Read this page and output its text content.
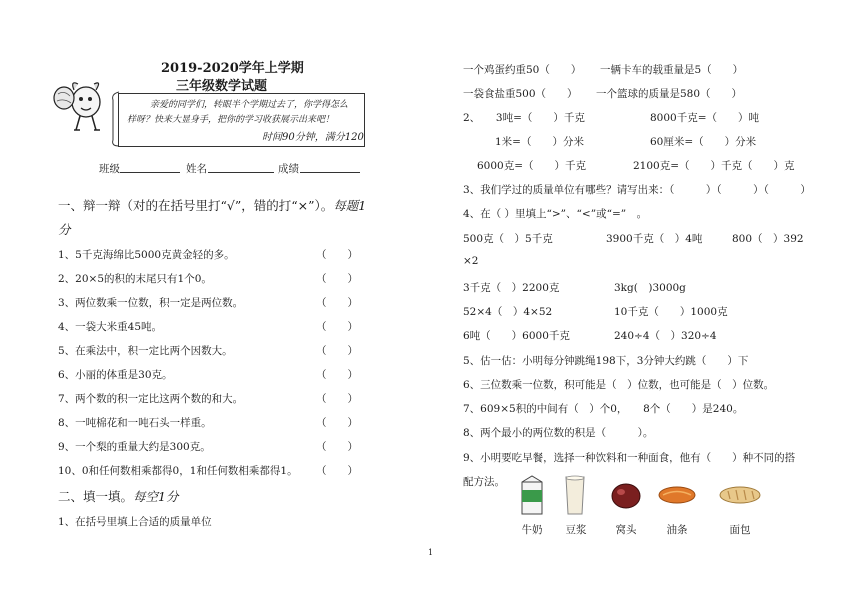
2019-2020学年上学期
三年级数学试题
亲爱的同学们，转眼半个学期过去了，你学得怎么
样呀？快来大显身手，把你的学习收获展示出来吧！
时间90分钟，满分120
班级	姓名	成绩
一、辩一辩（对的在括号里打“√”，错的打“×”）。每题1
分
1、5千克海绵比5000克黄金轻的多。	（　　）
2、20×5的积的末尾只有1个0。	（　　）
3、两位数乘一位数，积一定是两位数。	（　　）
4、一袋大米重45吨。	（　　）
5、在乘法中，积一定比两个因数大。	（　　）
6、小丽的体重是30克。	（　　）
7、两个数的积一定比这两个数的和大。	（　　）
8、一吨棉花和一吨石头一样重。	（　　）
9、一个梨的重量大约是300克。	（　　）
10、0和任何数相乘都得0，1和任何数相乘都得1。 （　　）
二、填一填。每空1分
1、在括号里填上合适的质量单位
一个鸡蛋约重50（　　） 一辆卡车的载重量是5（　　）
一袋食盐重500（　　） 一个篮球的质量是580（　　）
2、　　3吨=（　　）千克	8000千克=（　　）吨
1米=（　　）分米	60厘米=（　　）分米
6000克=（　　）千克	2100克=（　　）千克（　　）克
3、我们学过的质量单位有哪些？请写出来：（　　　）（　　　）（　　　）
4、在（ ）里填上“>”、“<”或“=”　。
500克（　）5千克	3900千克（　）4吨	800（　）392
×2
3千克（　）2200克	3kg(　)3000g
52×4（　）4×52	10千克（　　）1000克
6吨（　　）6000千克	240÷4（　）320÷4
5、估一估：小明每分钟跳绳198下，3分钟大约跳（　　）下
6、三位数乘一位数，积可能是（　）位数，也可能是（　）位数。
7、609×5积的中间有（　）个0，　　8个（　　）是240。
8、两个最小的两位数的积是（　　　）。
9、小明要吃早餐，选择一种饮料和一种面食，他有（　　）种不同的搭
配方法。
牛奶	豆浆	窝头	油条	面包
1
